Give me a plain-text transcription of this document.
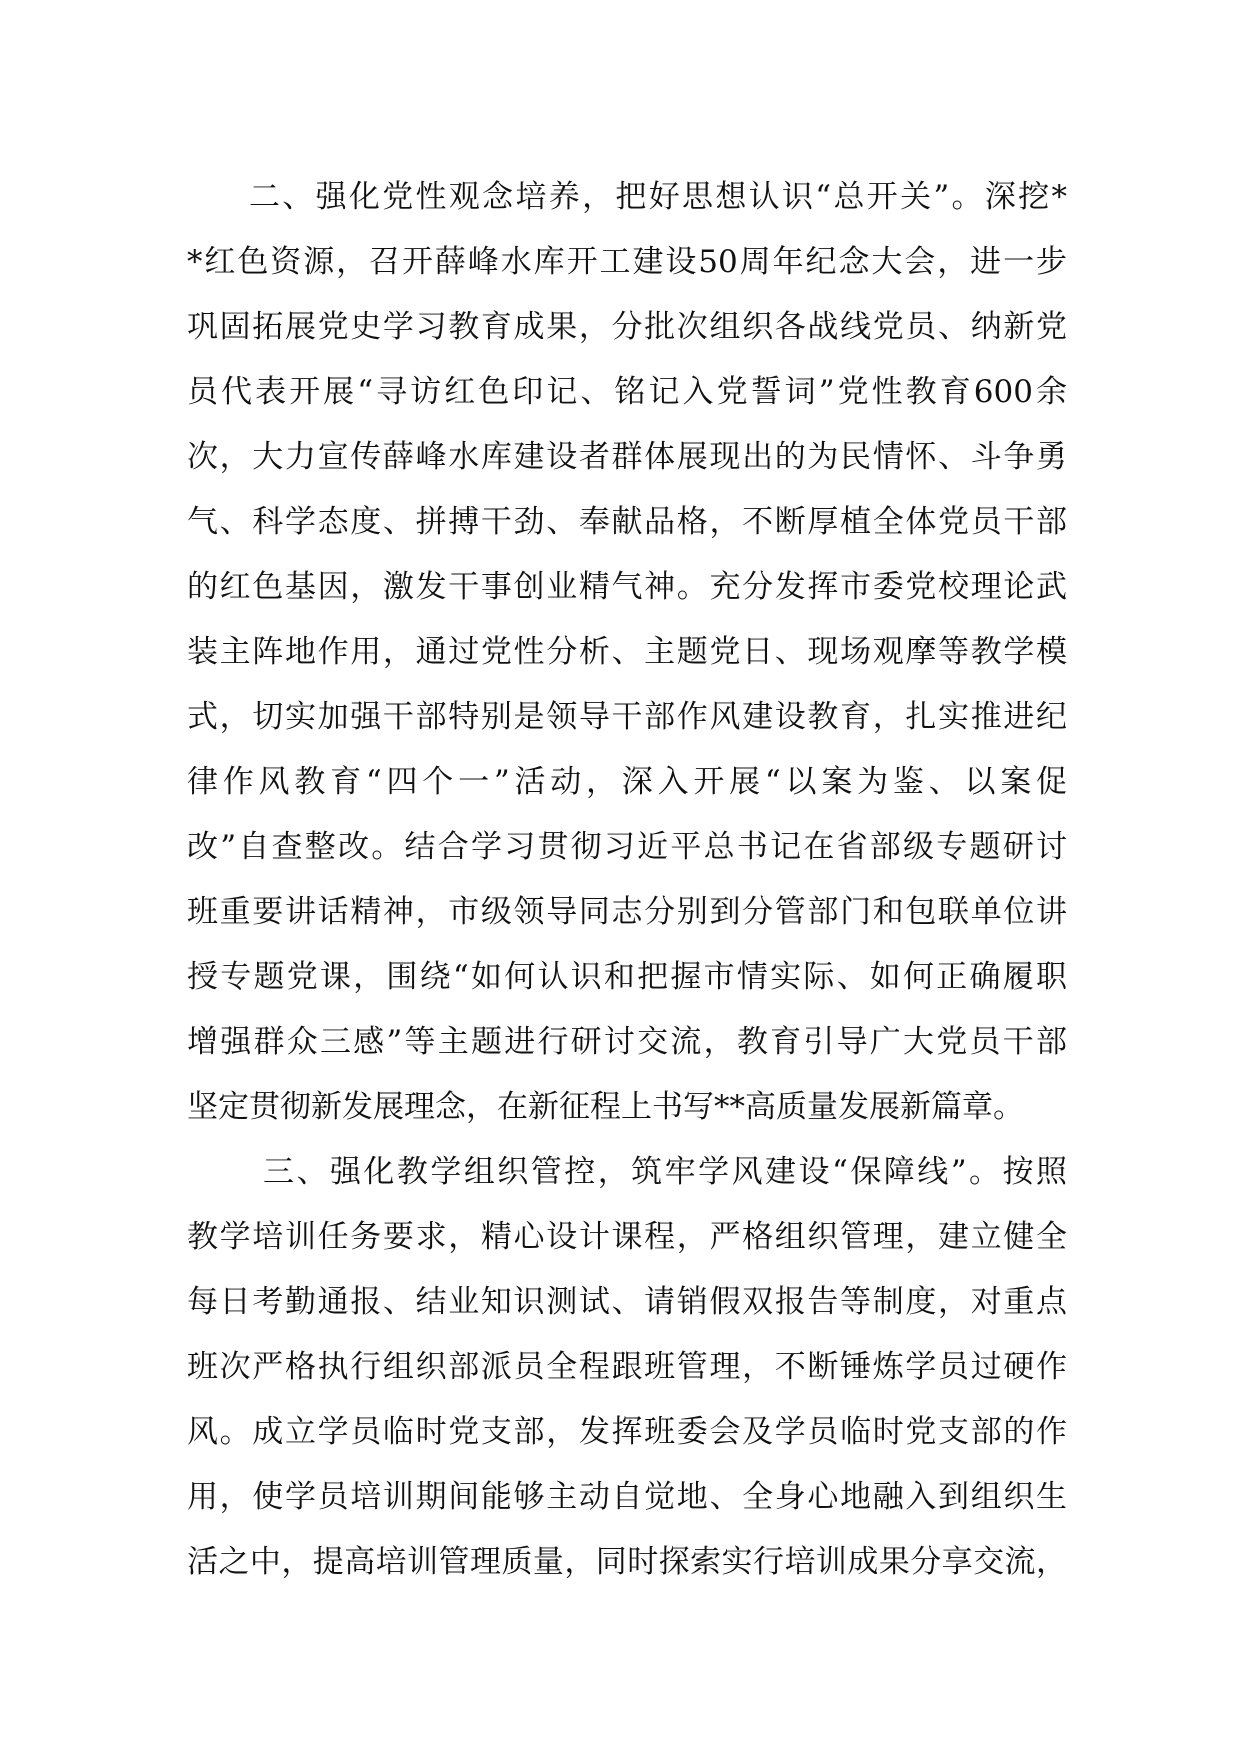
二、强化党性观念培养，把好思想认识“总开关”。深挖*
*红色资源，召开薛峰水库开工建设50周年纪念大会，进一步
巩固拓展党史学习教育成果，分批次组织各战线党员、纳新党
员代表开展“寻访红色印记、铭记入党誓词”党性教育600余
次，大力宣传薛峰水库建设者群体展现出的为民情怀、斗争勇
气、科学态度、拼搏干劲、奉献品格，不断厚植全体党员干部
的红色基因，激发干事创业精气神。充分发挥市委党校理论武
装主阵地作用，通过党性分析、主题党日、现场观摩等教学模
式，切实加强干部特别是领导干部作风建设教育，扎实推进纪
律作风教育“四个一”活动，深入开展“以案为鉴、以案促
改”自查整改。结合学习贯彻习近平总书记在省部级专题研讨
班重要讲话精神，市级领导同志分别到分管部门和包联单位讲
授专题党课，围绕“如何认识和把握市情实际、如何正确履职
增强群众三感”等主题进行研讨交流，教育引导广大党员干部
坚定贯彻新发展理念，在新征程上书写**高质量发展新篇章。
三、强化教学组织管控，筑牢学风建设“保障线”。按照
教学培训任务要求，精心设计课程，严格组织管理，建立健全
每日考勤通报、结业知识测试、请销假双报告等制度，对重点
班次严格执行组织部派员全程跟班管理，不断锤炼学员过硬作
风。成立学员临时党支部，发挥班委会及学员临时党支部的作
用，使学员培训期间能够主动自觉地、全身心地融入到组织生
活之中，提高培训管理质量，同时探索实行培训成果分享交流，
